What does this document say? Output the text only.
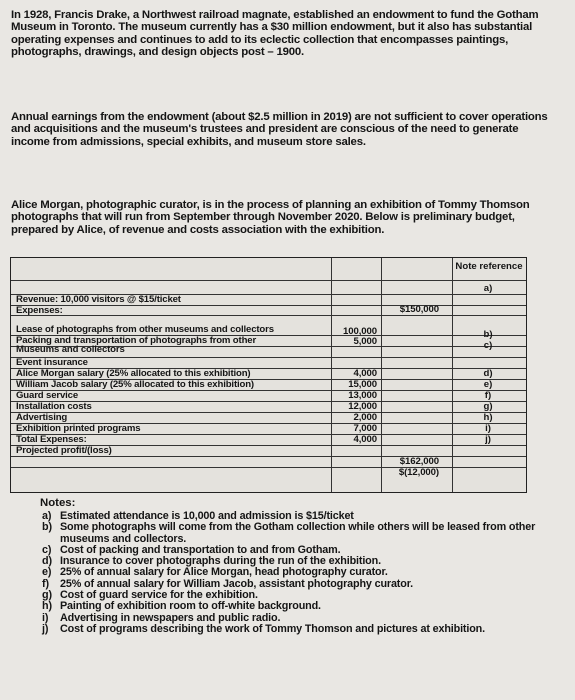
In 1928, Francis Drake, a Northwest railroad magnate, established an endowment to fund the Gotham Museum in Toronto. The museum currently has a $30 million endowment, but it also has substantial operating expenses and continues to add to its eclectic collection that encompasses paintings, photographs, drawings, and design objects post – 1900.
Annual earnings from the endowment (about $2.5 million in 2019) are not sufficient to cover operations and acquisitions and the museum's trustees and president are conscious of the need to generate income from admissions, special exhibits, and museum store sales.
Alice Morgan, photographic curator, is in the process of planning an exhibition of Tommy Thomson photographs that will run from September through November 2020. Below is preliminary budget, prepared by Alice, of revenue and costs association with the exhibition.
Note reference
Revenue: 10,000 visitors @ $15/ticket
Expenses:
Lease of photographs from other museums and collectors
Packing and transportation of photographs from other Museums and collectors
Event insurance
Alice Morgan salary (25% allocated to this exhibition)
William Jacob salary (25% allocated to this exhibition)
Guard service
Installation costs
Advertising
Exhibition printed programs
Total Expenses:
Projected profit/(loss)
100,000
5,000
4,000
15,000
13,000
12,000
2,000
7,000
4,000
$150,000
$162,000
$(12,000)
a)
b)
c)
d)
e)
f)
g)
h)
i)
j)
Notes:
a) Estimated attendance is 10,000 and admission is $15/ticket
b) Some photographs will come from the Gotham collection while others will be leased from other museums and collectors.
c) Cost of packing and transportation to and from Gotham.
d) Insurance to cover photographs during the run of the exhibition.
e) 25% of annual salary for Alice Morgan, head photography curator.
f) 25% of annual salary for William Jacob, assistant photography curator.
g) Cost of guard service for the exhibition.
h) Painting of exhibition room to off-white background.
i) Advertising in newspapers and public radio.
j) Cost of programs describing the work of Tommy Thomson and pictures at exhibition.
